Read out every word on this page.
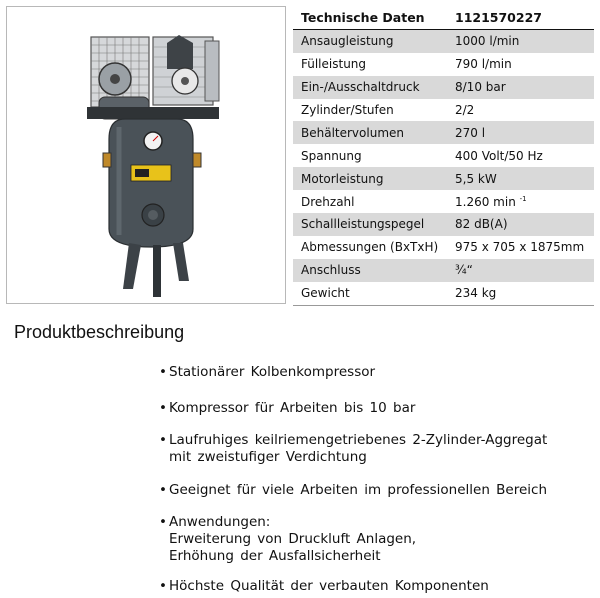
Technische Daten	1121570227
Ansaugleistung	1000 l/min
Fülleistung	790 l/min
Ein-/Ausschaltdruck	8/10 bar
Zylinder/Stufen	2/2
Behältervolumen	270 l
Spannung	400 Volt/50 Hz
Motorleistung	5,5 kW
Drehzahl	1.260 min $^{-1}$
Schallleistungspegel	82 dB(A)
Abmessungen (BxTxH)	975 x 705 x 1875mm
Anschluss	¾“
Gewicht	234 kg
Produktbeschreibung
• Stationärer Kolbenkompressor
• Kompressor für Arbeiten bis 10 bar
• Laufruhiges keilriemengetriebenes 2-Zylinder-Aggregat
mit zweistufiger Verdichtung
• Geeignet für viele Arbeiten im professionellen Bereich
• Anwendungen:
Erweiterung von Druckluft Anlagen,
Erhöhung der Ausfallsicherheit
• Höchste Qualität der verbauten Komponenten
